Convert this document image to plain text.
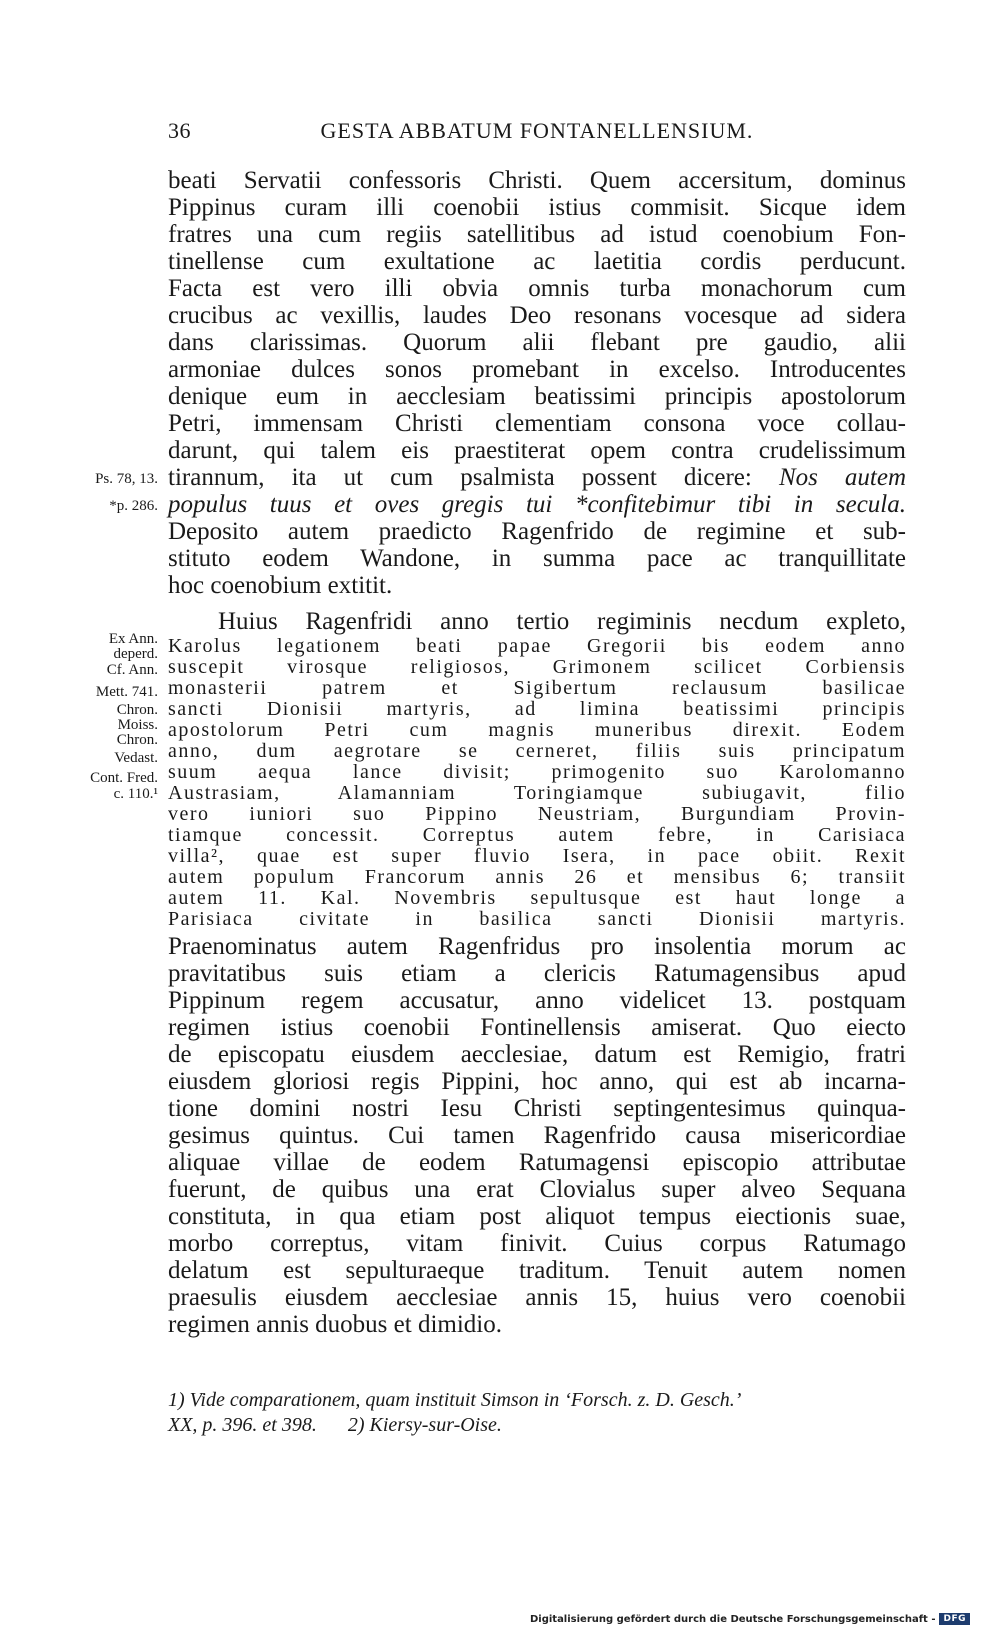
36	GESTA ABBATUM FONTANELLENSIUM.
beati Servatii confessoris Christi. Quem accersitum, dominus
Pippinus curam illi coenobii istius commisit. Sicque idem
fratres una cum regiis satellitibus ad istud coenobium Fon-
tinellense cum exultatione ac laetitia cordis perducunt.
Facta est vero illi obvia omnis turba monachorum cum
crucibus ac vexillis, laudes Deo resonans vocesque ad sidera
dans clarissimas. Quorum alii flebant pre gaudio, alii
armoniae dulces sonos promebant in excelso. Introducentes
denique eum in aecclesiam beatissimi principis apostolorum
Petri, immensam Christi clementiam consona voce collau-
darunt, qui talem eis praestiterat opem contra crudelissimum
tirannum, ita ut cum psalmista possent dicere: Nos autem
populus tuus et oves gregis tui *confitebimur tibi in secula.
Deposito autem praedicto Ragenfrido de regimine et sub-
stituto eodem Wandone, in summa pace ac tranquillitate
hoc coenobium extitit.
Huius Ragenfridi anno tertio regiminis necdum expleto,
Karolus legationem beati papae Gregorii bis eodem anno
suscepit virosque religiosos, Grimonem scilicet Corbiensis
monasterii patrem et Sigibertum reclausum basilicae
sancti Dionisii martyris, ad limina beatissimi principis
apostolorum Petri cum magnis muneribus direxit. Eodem
anno, dum aegrotare se cerneret, filiis suis principatum
suum aequa lance divisit; primogenito suo Karolomanno
Austrasiam, Alamanniam Toringiamque subiugavit, filio
vero iuniori suo Pippino Neustriam, Burgundiam Provin-
tiamque concessit. Correptus autem febre, in Carisiaca
villa², quae est super fluvio Isera, in pace obiit. Rexit
autem populum Francorum annis 26 et mensibus 6; transiit
autem 11. Kal. Novembris sepultusque est haut longe a
Parisiaca civitate in basilica sancti Dionisii martyris.
Praenominatus autem Ragenfridus pro insolentia morum ac
pravitatibus suis etiam a clericis Ratumagensibus apud
Pippinum regem accusatur, anno videlicet 13. postquam
regimen istius coenobii Fontinellensis amiserat. Quo eiecto
de episcopatu eiusdem aecclesiae, datum est Remigio, fratri
eiusdem gloriosi regis Pippini, hoc anno, qui est ab incarna-
tione domini nostri Iesu Christi septingentesimus quinqua-
gesimus quintus. Cui tamen Ragenfrido causa misericordiae
aliquae villae de eodem Ratumagensi episcopio attributae
fuerunt, de quibus una erat Clovialus super alveo Sequana
constituta, in qua etiam post aliquot tempus eiectionis suae,
morbo correptus, vitam finivit. Cuius corpus Ratumago
delatum est sepulturaeque traditum. Tenuit autem nomen
praesulis eiusdem aecclesiae annis 15, huius vero coenobii
regimen annis duobus et dimidio.
Ps. 78, 13.
*p. 286.
Ex Ann.
deperd.
Cf. Ann.
Mett. 741.
Chron.
Moiss.
Chron.
Vedast.
Cont. Fred.
c. 110.¹
1) Vide comparationem, quam instituit Simson in ‘Forsch. z. D. Gesch.’
XX, p. 396. et 398. 2) Kiersy-sur-Oise.
Digitalisierung gefördert durch die Deutsche Forschungsgemeinschaft - DFG
